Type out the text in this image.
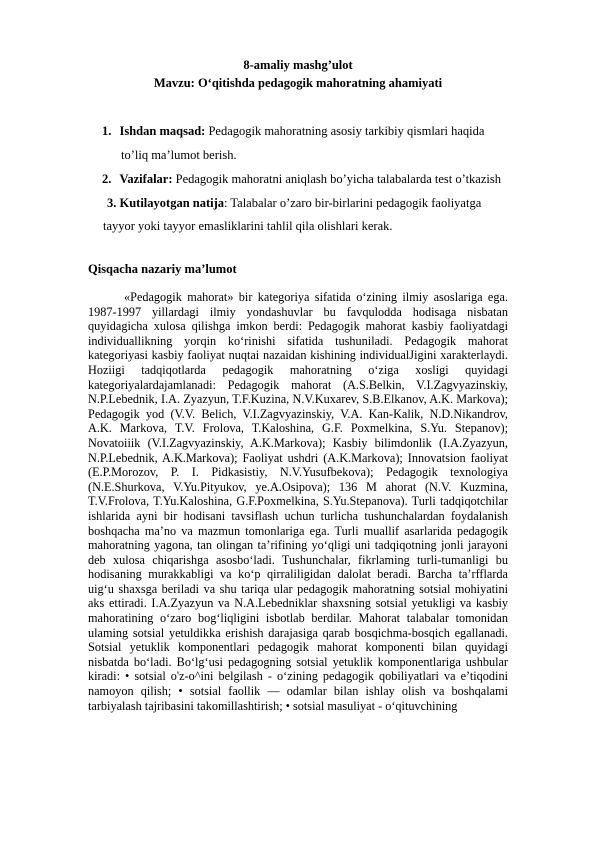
8-amaliy mashg’ulot
Mavzu: O‘qitishda pedagogik mahoratning ahamiyati
1. Ishdan maqsad: Pedagogik mahoratning asosiy tarkibiy qismlari haqida
to’liq ma’lumot berish.
2. Vazifalar: Pedagogik mahoratni aniqlash bo’yicha talabalarda test o’tkazish
3. Kutilayotgan natija: Talabalar o’zaro bir-birlarini pedagogik faoliyatga
tayyor yoki tayyor emasliklarini tahlil qila olishlari kerak.
Qisqacha nazariy ma’lumot

«Pedagogik mahorat» bir kategoriya sifatida o‘zining ilmiy asoslariga ega. 1987-1997 yillardagi ilmiy yondashuvlar bu favqulodda hodisaga nisbatan quyidagicha xulosa qilishga imkon berdi: Pedagogik mahorat kasbiy faoliyatdagi individuallikning yorqin ko‘rinishi sifatida tushuniladi. Pedagogik mahorat kategoriyasi kasbiy faoliyat nuqtai nazaidan kishining individualJigini xarakterlaydi. Hoziigi tadqiqotlarda pedagogik mahoratning o‘ziga xosligi quyidagi kategoriyalardajamlanadi: Pedagogik mahorat (A.S.Belkin, V.I.Zagvyazinskiy, N.P.Lebednik, I.A. Zyazyun, T.F.Kuzina, N.V.Kuxarev, S.B.Elkanov, A.K. Markova); Pedagogik yod (V.V. Belich, V.I.Zagvyazinskiy, V.A. Kan-Kalik, N.D.Nikandrov, A.K. Markova, T.V. Frolova, T.Kaloshina, G.F. Poxmelkina, S.Yu. Stepanov); Novatoiiik (V.I.Zagvyazinskiy, A.K.Markova); Kasbiy bilimdonlik (I.A.Zyazyun, N.P.Lebednik, A.K.Markova); Faoliyat ushdri (A.K.Markova); Innovatsion faoliyat (E.P.Morozov, P. I. Pidkasistiy, N.V.Yusufbekova); Pedagogik texnologiya (N.E.Shurkova, V.Yu.Pityukov, ye.A.Osipova); 136 M ahorat (N.V. Kuzmina, T.V.Frolova, T.Yu.Kaloshina, G.F.Poxmelkina, S.Yu.Stepanova). Turli tadqiqotchilar ishlarida ayni bir hodisani tavsiflash uchun turlicha tushunchalardan foydalanish boshqacha ma’no va mazmun tomonlariga ega. Turli muallif asarlarida pedagogik mahoratning yagona, tan olingan ta’rifining yo‘qligi uni tadqiqotning jonli jarayoni deb xulosa chiqarishga asosbo‘ladi. Tushunchalar, fikrlaming turli-tumanligi bu hodisaning murakkabligi va ko‘p qirraliligidan dalolat beradi. Barcha ta’rfflarda uig‘u shaxsga beriladi va shu tariqa ular pedagogik mahoratning sotsial mohiyatini aks ettiradi. I.A.Zyazyun va N.A.Lebedniklar shaxsning sotsial yetukligi va kasbiy mahoratining o‘zaro bog‘liqligini isbotlab berdilar. Mahorat talabalar tomonidan ulaming sotsial yetuldikka erishish darajasiga qarab bosqichma-bosqich egallanadi. Sotsial yetuklik komponentlari pedagogik mahorat komponenti bilan quyidagi nisbatda bo‘ladi. Bo‘lg‘usi pedagogning sotsial yetuklik komponentlariga ushbular kiradi: • sotsial o'z-o^ini belgilash - o‘zining pedagogik qobiliyatlari va e’tiqodini namoyon qilish; • sotsial faollik — odamlar bilan ishlay olish va boshqalami tarbiyalash tajribasini takomillashtirish; • sotsial masuliyat - o‘qituvchining
